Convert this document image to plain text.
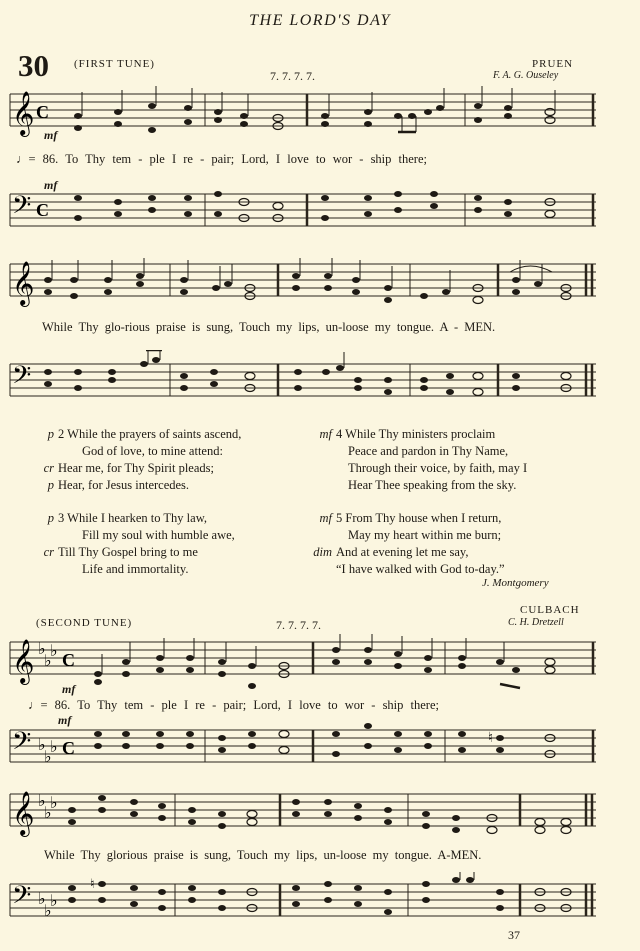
THE LORD'S DAY
30 (FIRST TUNE)
7. 7. 7. 7.
PRUEN
F. A. G. Ouseley
𝄞 C
mf
♩= 86. To Thy tem - ple I re - pair; Lord, I love to wor - ship there;
mf
𝄢 C
𝄞
While Thy glo-rious praise is sung, Touch my lips, un-loose my tongue. A - MEN.
𝄢
p 2 While the prayers of saints ascend,
God of love, to mine attend:
cr Hear me, for Thy Spirit pleads;
p Hear, for Jesus intercedes.
mf 4 While Thy ministers proclaim
Peace and pardon in Thy Name,
Through their voice, by faith, may I
Hear Thee speaking from the sky.
p 3 While I hearken to Thy law,
Fill my soul with humble awe,
cr Till Thy Gospel bring to me
Life and immortality.
mf 5 From Thy house when I return,
May my heart within me burn;
dim And at evening let me say,
“I have walked with God to-day.”
J. Montgomery
CULBACH
(SECOND TUNE)	7. 7. 7. 7.	C. H. Dretzell
𝄞 ♭
♭
♭ C
mf
♩= 86. To Thy tem - ple I re - pair; Lord, I love to wor - ship there;
mf
𝄢 ♭
♭
♭ C	♮
𝄞 ♭
♭
♭
While Thy glorious praise is sung, Touch my lips, un-loose my tongue. A-MEN.
𝄢 ♭
♭
♭
♮
37
